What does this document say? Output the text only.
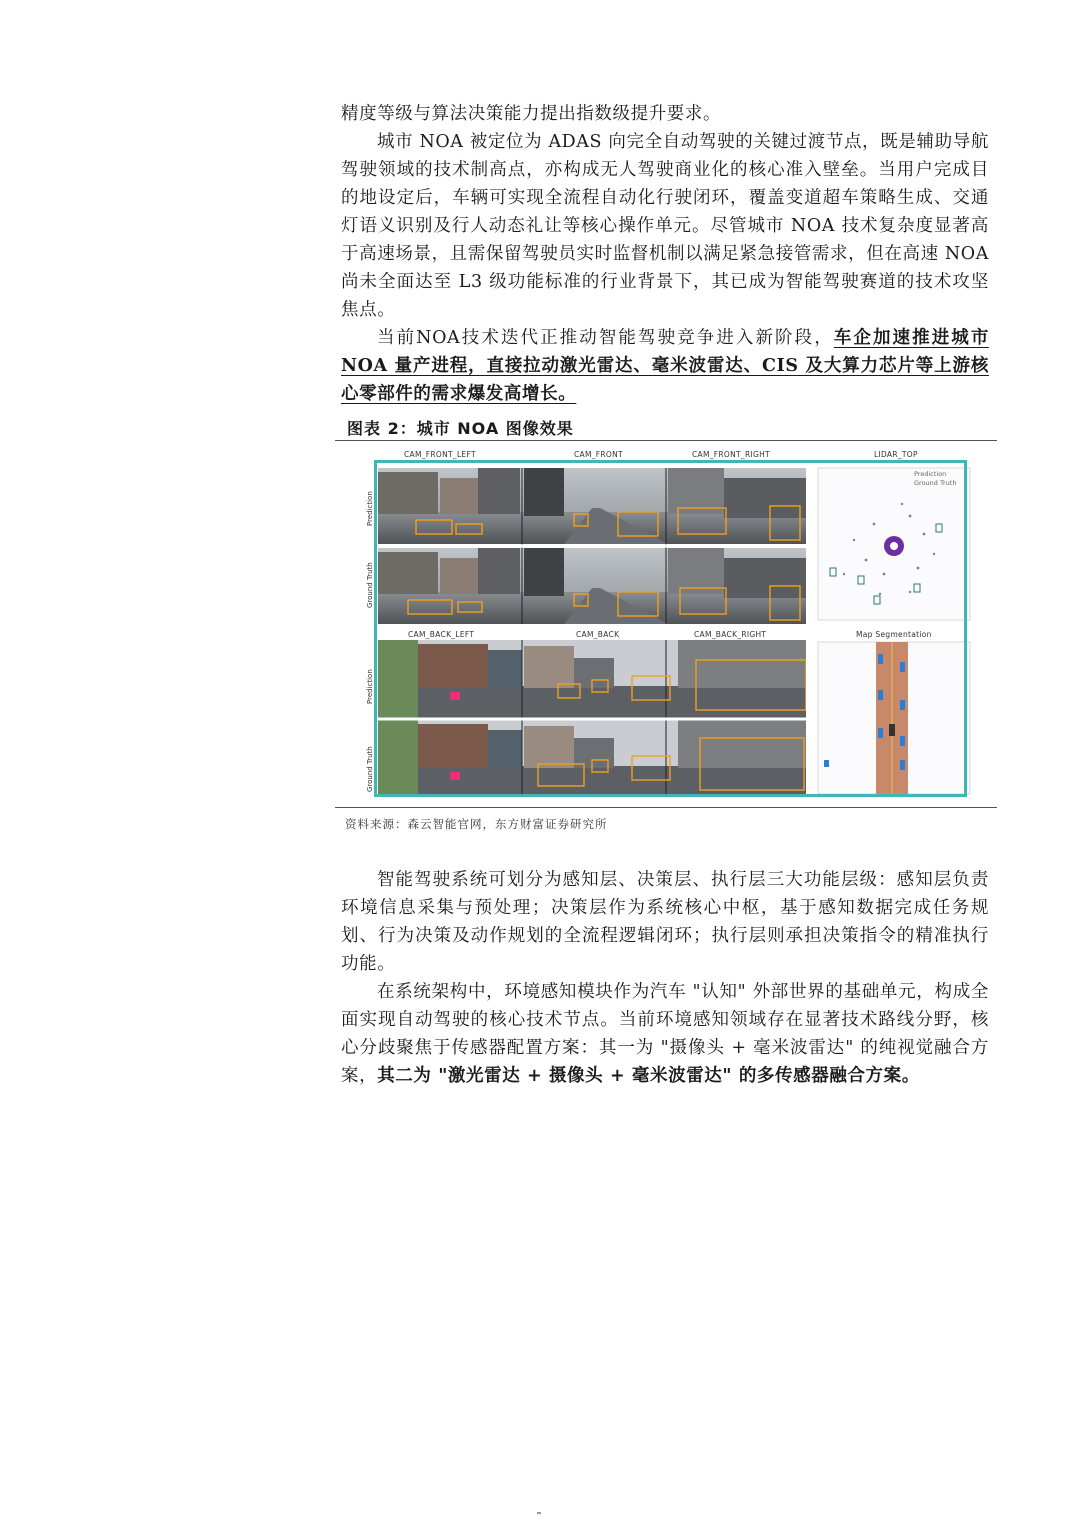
精度等级与算法决策能力提出指数级提升要求。

城市 NOA 被定位为 ADAS 向完全自动驾驶的关键过渡节点，既是辅助导航驾驶领域的技术制高点，亦构成无人驾驶商业化的核心准入壁垒。当用户完成目的地设定后，车辆可实现全流程自动化行驶闭环，覆盖变道超车策略生成、交通灯语义识别及行人动态礼让等核心操作单元。尽管城市 NOA 技术复杂度显著高于高速场景，且需保留驾驶员实时监督机制以满足紧急接管需求，但在高速 NOA 尚未全面达至 L3 级功能标准的行业背景下，其已成为智能驾驶赛道的技术攻坚焦点。

当前NOA技术迭代正推动智能驾驶竞争进入新阶段，车企加速推进城市 NOA 量产进程，直接拉动激光雷达、毫米波雷达、CIS 及大算力芯片等上游核心零部件的需求爆发高增长。

图表 2：城市 NOA 图像效果
CAM_FRONT_LEFT	CAM_FRONT	CAM_FRONT_RIGHT	LIDAR_TOP
CAM_BACK_LEFT	CAM_BACK	CAM_BACK_RIGHT	Map Segmentation
Prediction
Ground Truth
Prediction
Ground Truth
Prediction
Ground Truth
资料来源：森云智能官网，东方财富证券研究所

智能驾驶系统可划分为感知层、决策层、执行层三大功能层级：感知层负责环境信息采集与预处理；决策层作为系统核心中枢，基于感知数据完成任务规划、行为决策及动作规划的全流程逻辑闭环；执行层则承担决策指令的精准执行功能。

在系统架构中，环境感知模块作为汽车 "认知" 外部世界的基础单元，构成全面实现自动驾驶的核心技术节点。当前环境感知领域存在显著技术路线分野，核心分歧聚焦于传感器配置方案：其一为 "摄像头 + 毫米波雷达" 的纯视觉融合方案，其二为 "激光雷达 + 摄像头 + 毫米波雷达" 的多传感器融合方案。
